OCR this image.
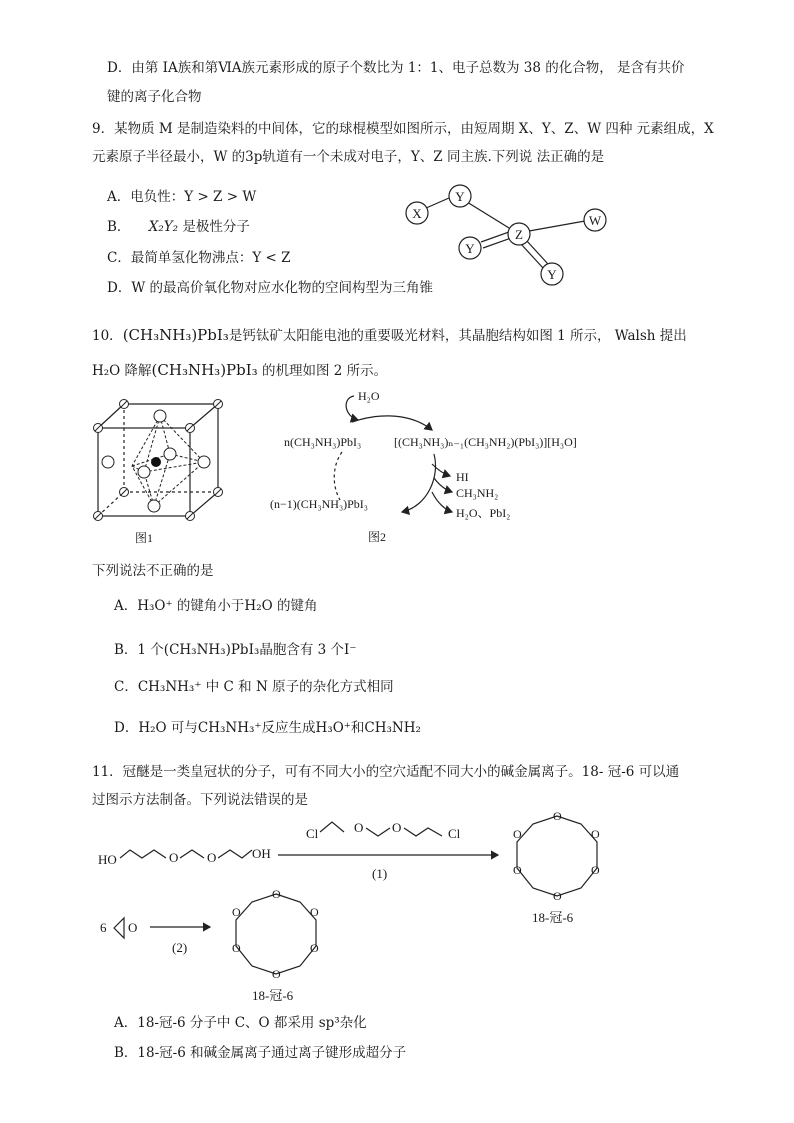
D．由第 ⅠA族和第ⅥA族元素形成的原子个数比为 1：1、电子总数为 38 的化合物， 是含有共价
键的离子化合物
9．某物质 M 是制造染料的中间体，它的球棍模型如图所示，由短周期 X、Y、Z、W 四种 元素组成，X
元素原子半径最小，W 的3p轨道有一个未成对电子，Y、Z 同主族.下列说 法正确的是
A．电负性：Y > Z > W
B． X₂Y₂ 是极性分子
C．最简单氢化物沸点：Y < Z
D．W 的最高价氧化物对应水化物的空间构型为三角锥
X
Y
Z
W
Y
Y
10．(CH₃NH₃)PbI₃是钙钛矿太阳能电池的重要吸光材料，其晶胞结构如图 1 所示， Walsh 提出
H₂O 降解(CH₃NH₃)PbI₃ 的机理如图 2 所示。
图1
H₂O
n(CH₃NH₃)PbI₃	[(CH₃NH₃)ₙ₋₁(CH₃NH₂)(PbI₃)][H₃O]
HI
CH₃NH₂
H₂O、PbI₂
(n−1)(CH₃NH₃)PbI₃
图2
下列说法不正确的是
A．H₃O⁺ 的键角小于H₂O 的键角
B．1 个(CH₃NH₃)PbI₃晶胞含有 3 个I⁻
C．CH₃NH₃⁺ 中 C 和 N 原子的杂化方式相同
D．H₂O 可与CH₃NH₃⁺反应生成H₃O⁺和CH₃NH₂
11．冠醚是一类皇冠状的分子，可有不同大小的空穴适配不同大小的碱金属离子。18- 冠-6 可以通
过图示方法制备。下列说法错误的是
HO	O O	OH
Cl	O O	Cl
(1)
O
O
O
O
O
O
18-冠-6
6 O
(2)
O
O
O
O
O
O
18-冠-6
A．18-冠-6 分子中 C、O 都采用 sp³杂化
B．18-冠-6 和碱金属离子通过离子键形成超分子
